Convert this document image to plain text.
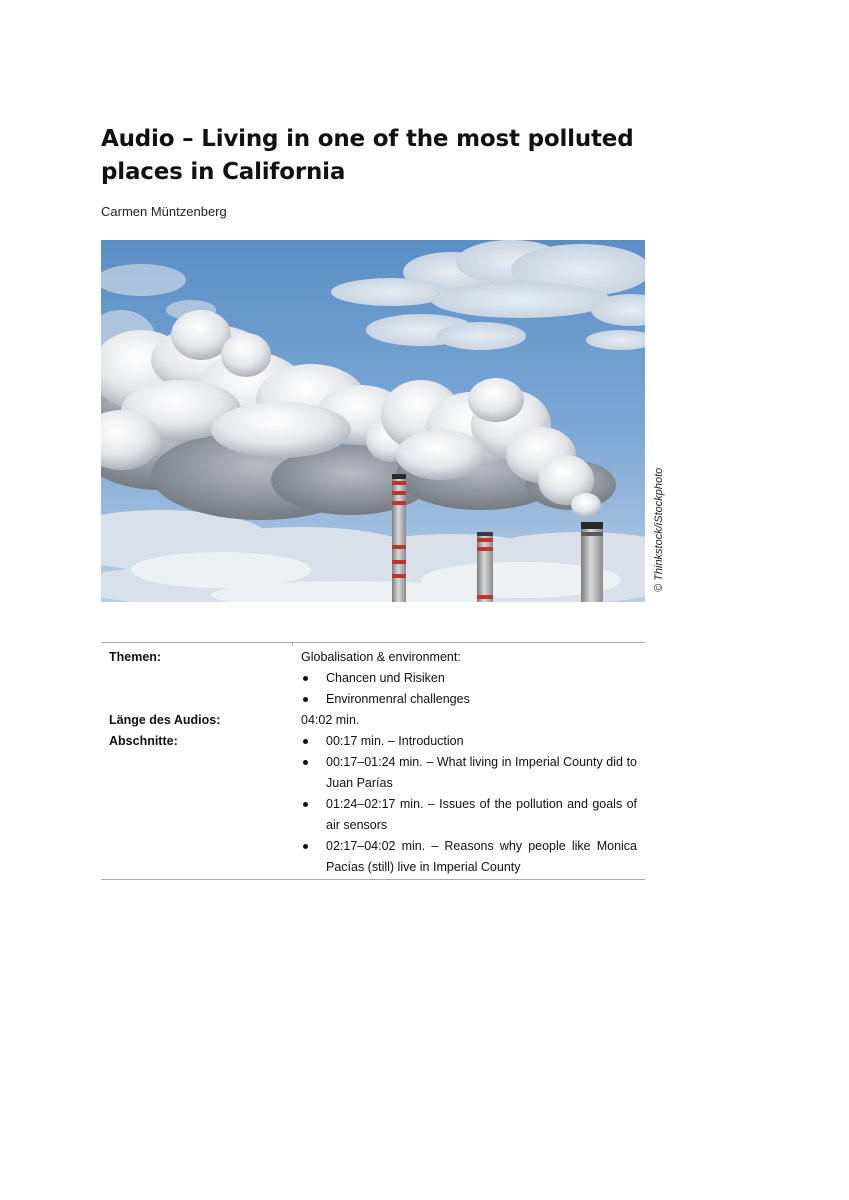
Audio – Living in one of the most polluted places in California

Carmen Müntzenberg

© Thinkstock/iStockphoto
Themen:	Globalisation & environment:
Chancen und Risiken
Environmenral challenges
Länge des Audios:	04:02 min.
Abschnitte:	00:17 min. – Introduction
00:17–01:24 min. – What living in Imperial County did to Juan Parías
01:24–02:17 min. – Issues of the pollution and goals of air sensors
02:17–04:02 min. – Reasons why people like Monica Pacías (still) live in Imperial County
